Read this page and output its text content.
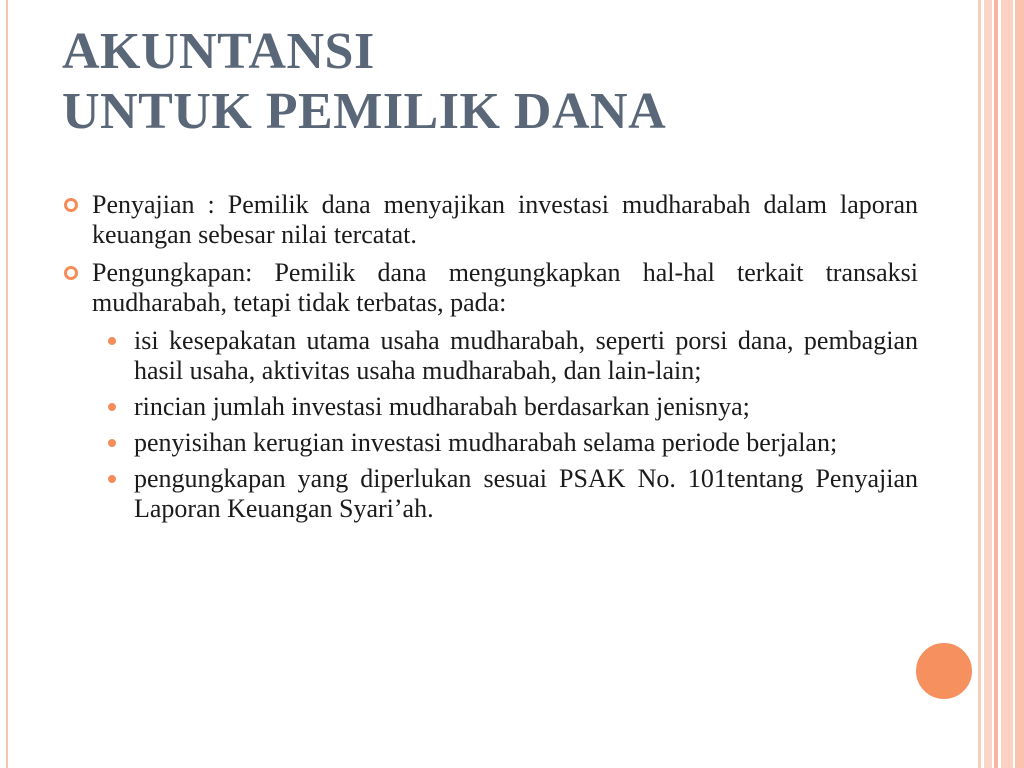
AKUNTANSI
UNTUK PEMILIK DANA
Penyajian : Pemilik dana menyajikan investasi mudharabah dalam laporan keuangan sebesar nilai tercatat.
Pengungkapan: Pemilik dana mengungkapkan hal-hal terkait transaksi mudharabah, tetapi tidak terbatas, pada:
isi kesepakatan utama usaha mudharabah, seperti porsi dana, pembagian hasil usaha, aktivitas usaha mudharabah, dan lain-lain;
rincian jumlah investasi mudharabah berdasarkan jenisnya;
penyisihan kerugian investasi mudharabah selama periode berjalan;
pengungkapan yang diperlukan sesuai PSAK No. 101tentang Penyajian Laporan Keuangan Syari’ah.
